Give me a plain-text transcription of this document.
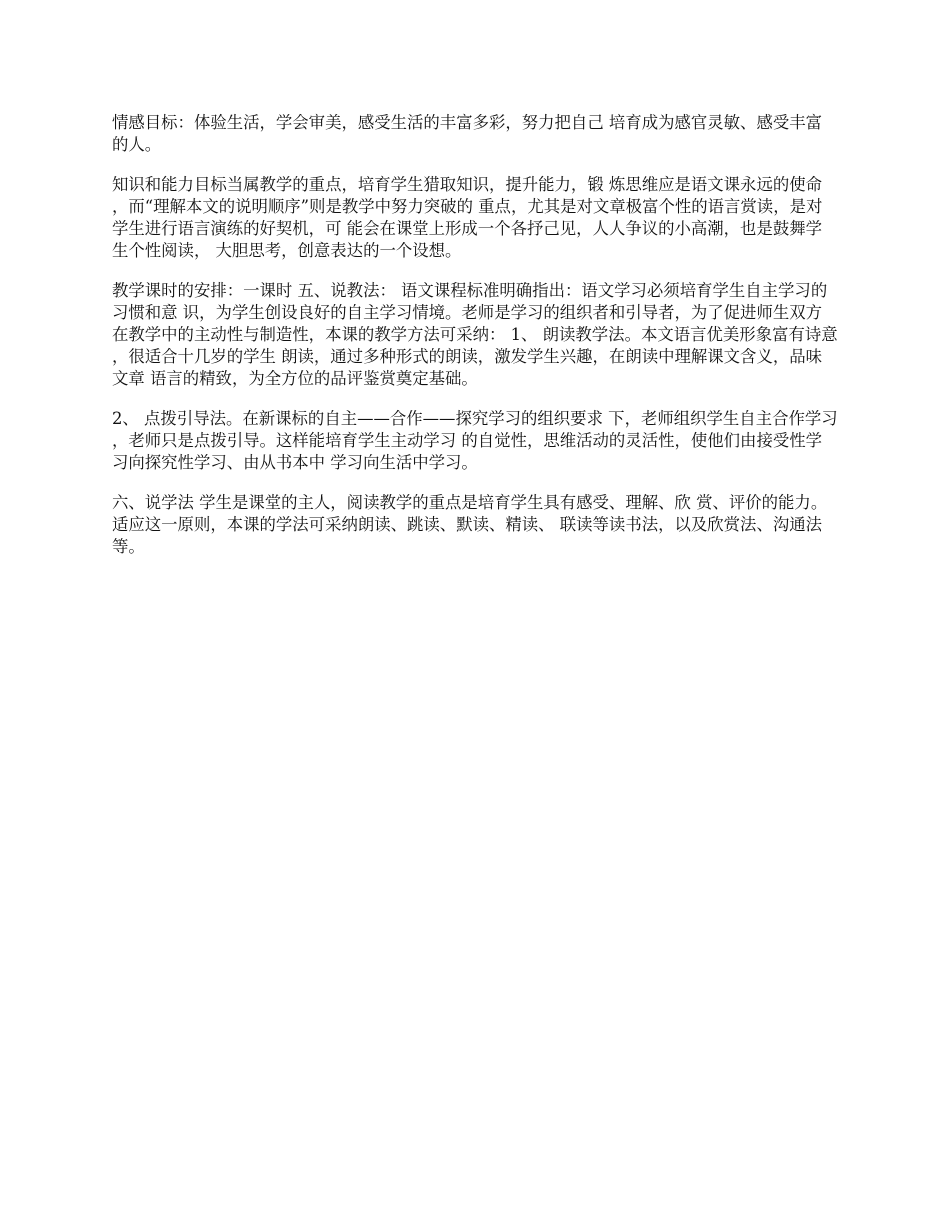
情感目标：体验生活，学会审美，感受生活的丰富多彩，努力把自己 培育成为感官灵敏、感受丰富的人。

知识和能力目标当属教学的重点，培育学生猎取知识，提升能力，锻 炼思维应是语文课永远的使命，而“理解本文的说明顺序”则是教学中努力突破的 重点，尤其是对文章极富个性的语言赏读，是对学生进行语言演练的好契机，可 能会在课堂上形成一个各抒己见，人人争议的小高潮，也是鼓舞学生个性阅读， 大胆思考，创意表达的一个设想。

教学课时的安排：一课时 五、说教法： 语文课程标准明确指出：语文学习必须培育学生自主学习的习惯和意 识，为学生创设良好的自主学习情境。老师是学习的组织者和引导者，为了促进师生双方在教学中的主动性与制造性，本课的教学方法可采纳： 1、 朗读教学法。本文语言优美形象富有诗意，很适合十几岁的学生 朗读，通过多种形式的朗读，激发学生兴趣，在朗读中理解课文含义，品味文章 语言的精致，为全方位的品评鉴赏奠定基础。

2、 点拨引导法。在新课标的自主——合作——探究学习的组织要求 下，老师组织学生自主合作学习，老师只是点拨引导。这样能培育学生主动学习 的自觉性，思维活动的灵活性，使他们由接受性学习向探究性学习、由从书本中 学习向生活中学习。

六、说学法 学生是课堂的主人，阅读教学的重点是培育学生具有感受、理解、欣 赏、评价的能力。适应这一原则，本课的学法可采纳朗读、跳读、默读、精读、 联读等读书法，以及欣赏法、沟通法等。
